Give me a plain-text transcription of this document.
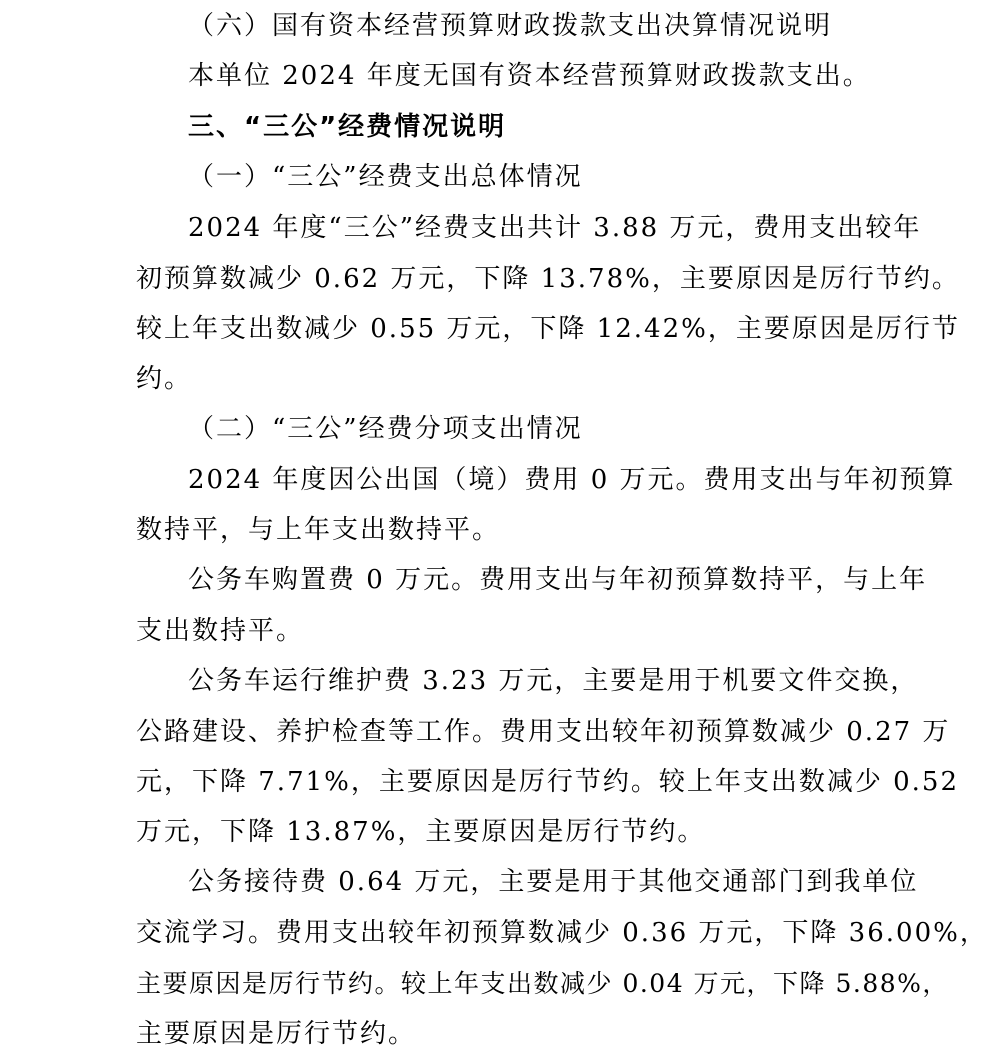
（六）国有资本经营预算财政拨款支出决算情况说明
本单位 2024 年度无国有资本经营预算财政拨款支出。
三、“三公”经费情况说明
（一）“三公”经费支出总体情况
2024 年度“三公”经费支出共计 3.88 万元，费用支出较年
初预算数减少 0.62 万元，下降 13.78%，主要原因是厉行节约。
较上年支出数减少 0.55 万元，下降 12.42%，主要原因是厉行节
约。
（二）“三公”经费分项支出情况
2024 年度因公出国（境）费用 0 万元。费用支出与年初预算
数持平，与上年支出数持平。
公务车购置费 0 万元。费用支出与年初预算数持平，与上年
支出数持平。
公务车运行维护费 3.23 万元，主要是用于机要文件交换，
公路建设、养护检查等工作。费用支出较年初预算数减少 0.27 万
元，下降 7.71%，主要原因是厉行节约。较上年支出数减少 0.52
万元，下降 13.87%，主要原因是厉行节约。
公务接待费 0.64 万元，主要是用于其他交通部门到我单位
交流学习。费用支出较年初预算数减少 0.36 万元，下降 36.00%，
主要原因是厉行节约。较上年支出数减少 0.04 万元，下降 5.88%，
主要原因是厉行节约。
